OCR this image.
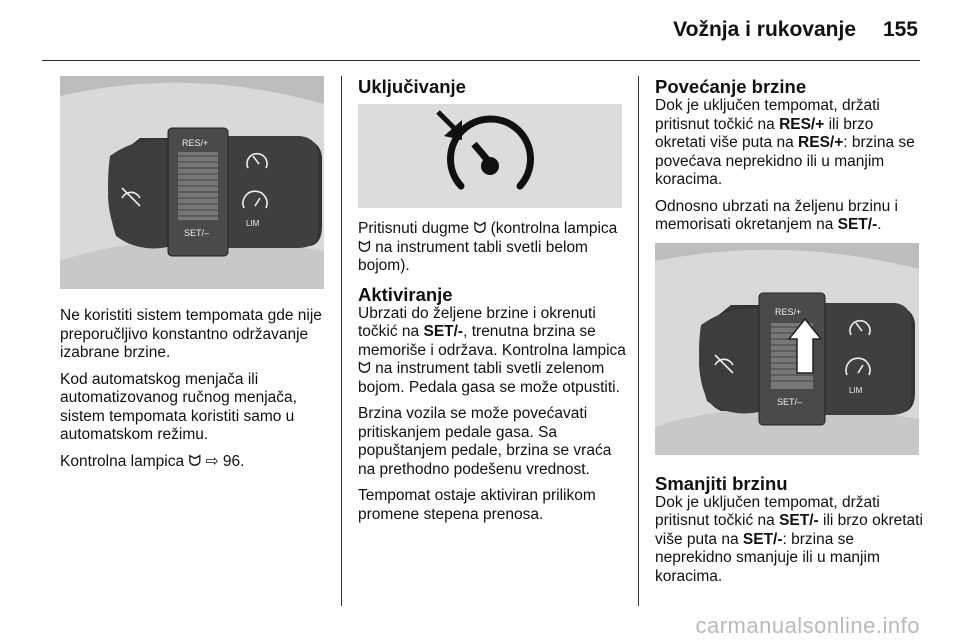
Vožnja i rukovanje 155
RES/+
SET/–
LIM

Ne koristiti sistem tempomata gde nije preporučljivo konstantno održavanje izabrane brzine.

Kod automatskog menjača ili automatizovanog ručnog menjača, sistem tempomata koristiti samo u automatskom režimu.

Kontrolna lampica ᗢ ⇨ 96.

Uključivanje

Pritisnuti dugme ᗢ (kontrolna lampica ᗢ na instrument tabli svetli belom bojom).

Aktiviranje

Ubrzati do željene brzine i okrenuti točkić na SET/-, trenutna brzina se memoriše i održava. Kontrolna lampica ᗢ na instrument tabli svetli zelenom bojom. Pedala gasa se može otpustiti.

Brzina vozila se može povećavati pritiskanjem pedale gasa. Sa popuštanjem pedale, brzina se vraća na prethodno podešenu vrednost.

Tempomat ostaje aktiviran prilikom promene stepena prenosa.

Povećanje brzine

Dok je uključen tempomat, držati pritisnut točkić na RES/+ ili brzo okretati više puta na RES/+: brzina se povećava neprekidno ili u manjim koracima.

Odnosno ubrzati na željenu brzinu i memorisati okretanjem na SET/-.

RES/+
SET/–
LIM
Smanjiti brzinu

Dok je uključen tempomat, držati pritisnut točkić na SET/- ili brzo okretati više puta na SET/-: brzina se neprekidno smanjuje ili u manjim koracima.

carmanualsonline.info
